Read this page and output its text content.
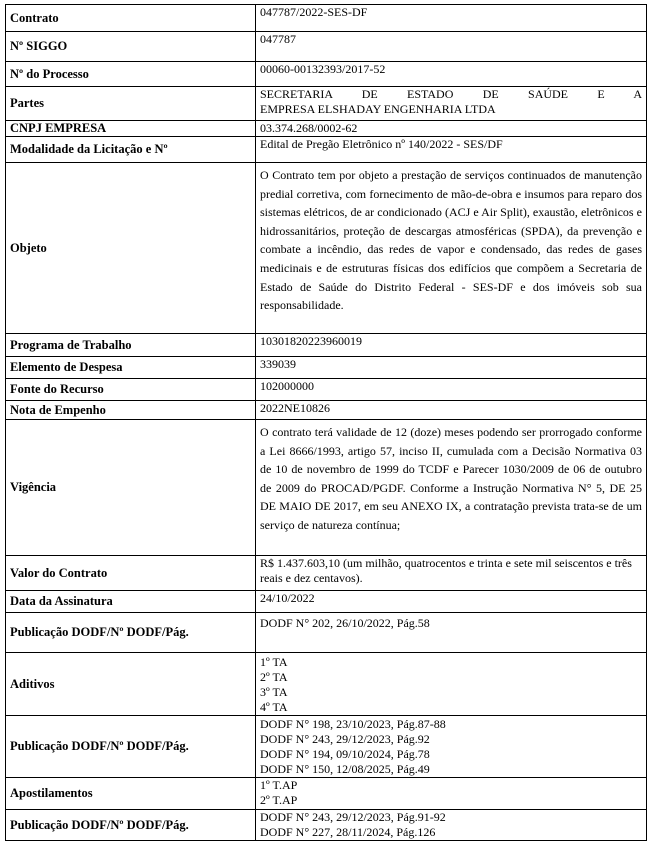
Contrato	047787/2022-SES-DF
Nº SIGGO	047787
Nº do Processo	00060-00132393/2017-52
Partes	SECRETARIA DE ESTADO DE SAÚDE E A
EMPRESA ELSHADAY ENGENHARIA LTDA

CNPJ EMPRESA	03.374.268/0002-62
Modalidade da Licitação e Nº	Edital de Pregão Eletrônico nº 140/2022 - SES/DF
Objeto	O Contrato tem por objeto a prestação de serviços continuados de manutenção predial corretiva, com fornecimento de mão-de-obra e insumos para reparo dos sistemas elétricos, de ar condicionado (ACJ e Air Split), exaustão, eletrônicos e hidrossanitários, proteção de descargas atmosféricas (SPDA), da prevenção e combate a incêndio, das redes de vapor e condensado, das redes de gases medicinais e de estruturas físicas dos edifícios que compõem a Secretaria de Estado de Saúde do Distrito Federal - SES-DF e dos imóveis sob sua responsabilidade.
Programa de Trabalho	10301820223960019
Elemento de Despesa	339039
Fonte do Recurso	102000000
Nota de Empenho	2022NE10826
Vigência	O contrato terá validade de 12 (doze) meses podendo ser prorrogado conforme a Lei 8666/1993, artigo 57, inciso II, cumulada com a Decisão Normativa 03 de 10 de novembro de 1999 do TCDF e Parecer 1030/2009 de 06 de outubro de 2009 do PROCAD/PGDF. Conforme a Instrução Normativa N° 5, DE 25 DE MAIO DE 2017, em seu ANEXO IX, a contratação prevista trata-se de um serviço de natureza contínua;
Valor do Contrato	R$ 1.437.603,10 (um milhão, quatrocentos e trinta e sete mil seiscentos e três reais e dez centavos).
Data da Assinatura	24/10/2022
Publicação DODF/Nº DODF/Pág.	DODF N° 202, 26/10/2022, Pág.58
Aditivos	1º TA
2º TA
3º TA
4º TA

Publicação DODF/Nº DODF/Pág.	DODF N° 198, 23/10/2023, Pág.87-88
DODF N° 243, 29/12/2023, Pág.92
DODF N° 194, 09/10/2024, Pág.78
DODF N° 150, 12/08/2025, Pág.49

Apostilamentos	1º T.AP
2º T.AP

Publicação DODF/Nº DODF/Pág.	DODF N° 243, 29/12/2023, Pág.91-92
DODF N° 227, 28/11/2024, Pág.126
